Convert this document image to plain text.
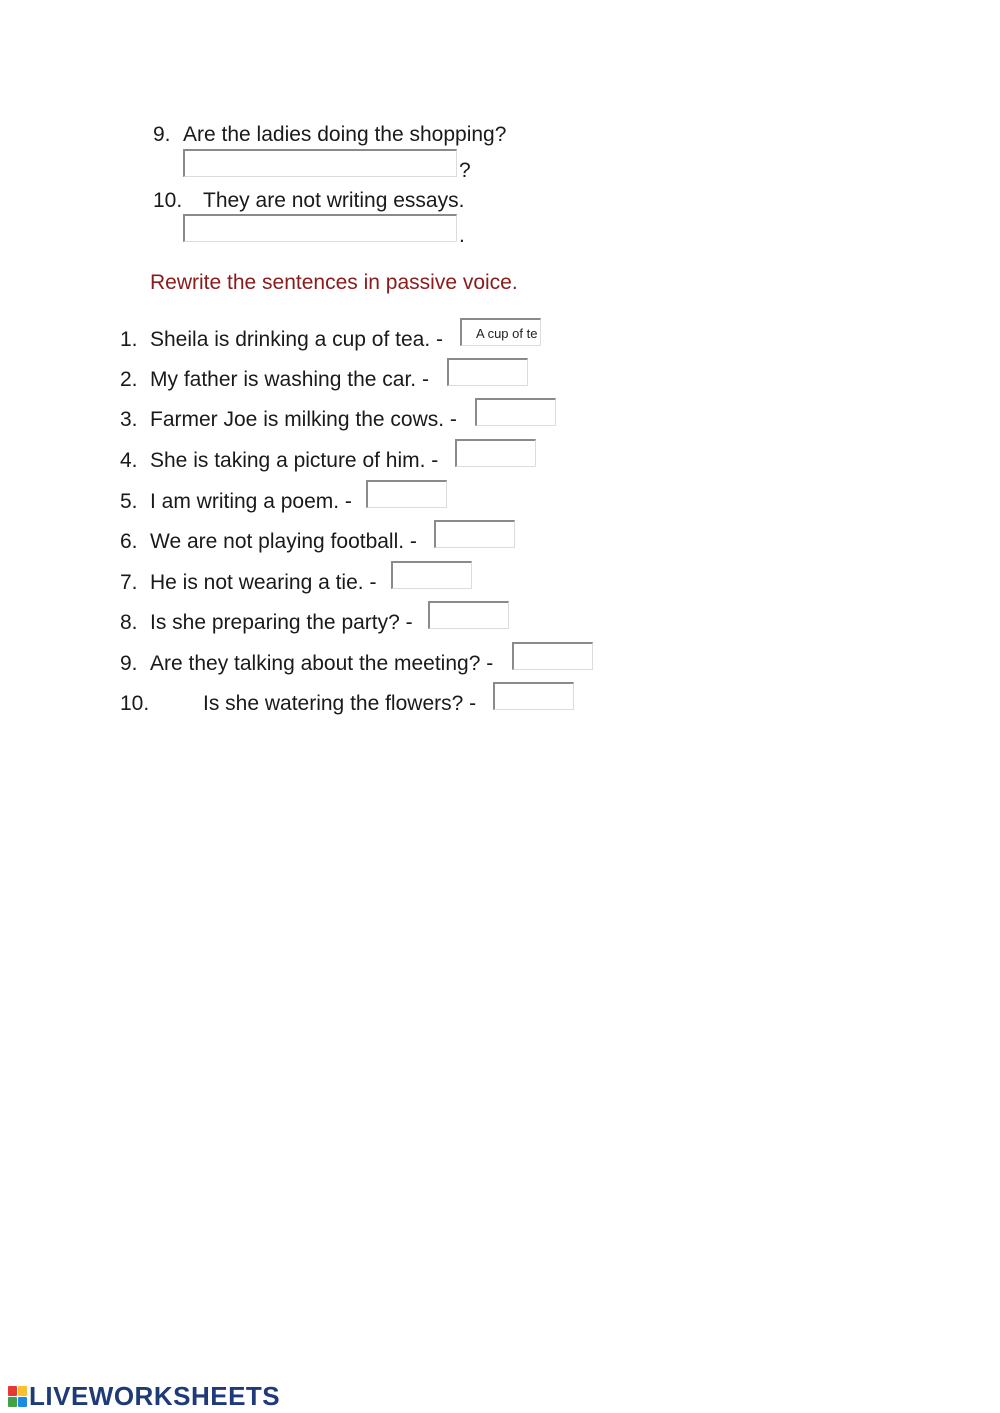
9. Are the ladies doing the shopping?
?
10. They are not writing essays.
.
Rewrite the sentences in passive voice.
1. Sheila is drinking a cup of tea. -
A cup of te
2. My father is washing the car. -
3. Farmer Joe is milking the cows. -
4. She is taking a picture of him. -
5. I am writing a poem. -
6. We are not playing football. -
7. He is not wearing a tie. -
8. Is she preparing the party? -
9. Are they talking about the meeting? -
10.	Is she watering the flowers? -
LIVEWORKSHEETS
